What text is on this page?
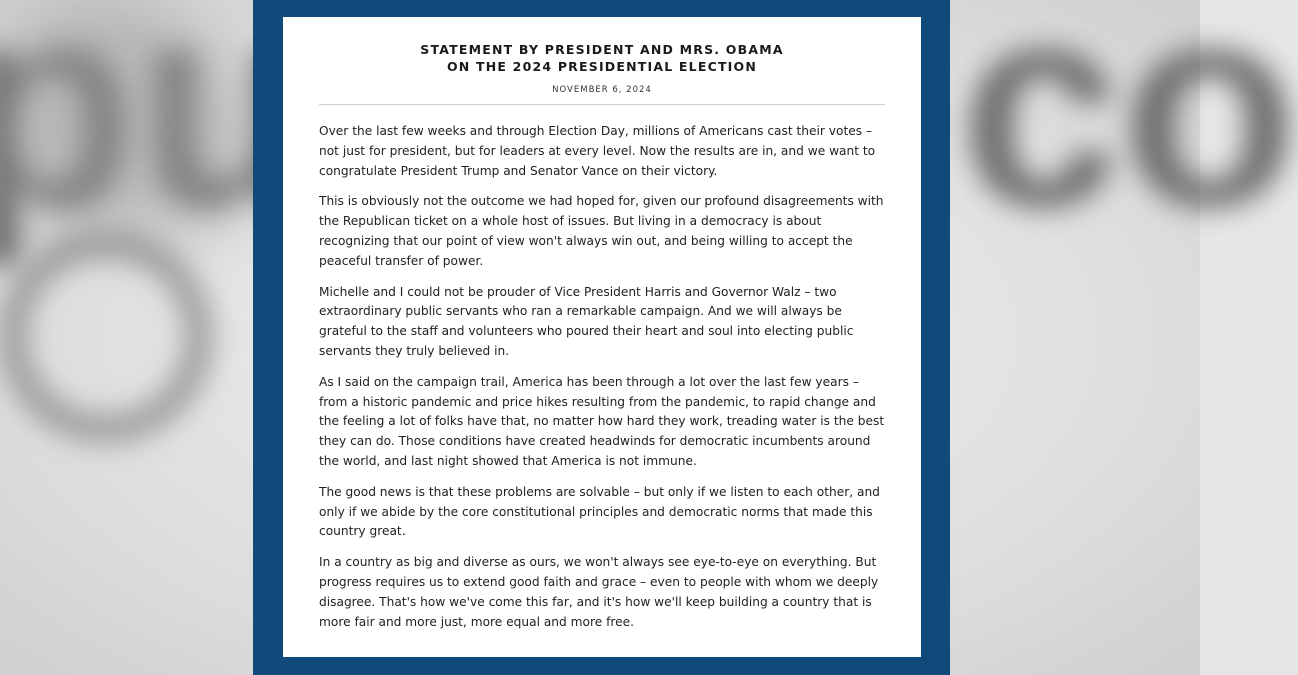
co
STATEMENT BY PRESIDENT AND MRS. OBAMA
ON THE 2024 PRESIDENTIAL ELECTION
NOVEMBER 6, 2024

Over the last few weeks and through Election Day, millions of Americans cast their votes – not just for president, but for leaders at every level. Now the results are in, and we want to congratulate President Trump and Senator Vance on their victory.

This is obviously not the outcome we had hoped for, given our profound disagreements with the Republican ticket on a whole host of issues. But living in a democracy is about recognizing that our point of view won't always win out, and being willing to accept the peaceful transfer of power.

Michelle and I could not be prouder of Vice President Harris and Governor Walz – two extraordinary public servants who ran a remarkable campaign. And we will always be grateful to the staff and volunteers who poured their heart and soul into electing public servants they truly believed in.

As I said on the campaign trail, America has been through a lot over the last few years – from a historic pandemic and price hikes resulting from the pandemic, to rapid change and the feeling a lot of folks have that, no matter how hard they work, treading water is the best they can do. Those conditions have created headwinds for democratic incumbents around the world, and last night showed that America is not immune.

The good news is that these problems are solvable – but only if we listen to each other, and only if we abide by the core constitutional principles and democratic norms that made this country great.

In a country as big and diverse as ours, we won't always see eye-to-eye on everything. But progress requires us to extend good faith and grace – even to people with whom we deeply disagree. That's how we've come this far, and it's how we'll keep building a country that is more fair and more just, more equal and more free.
